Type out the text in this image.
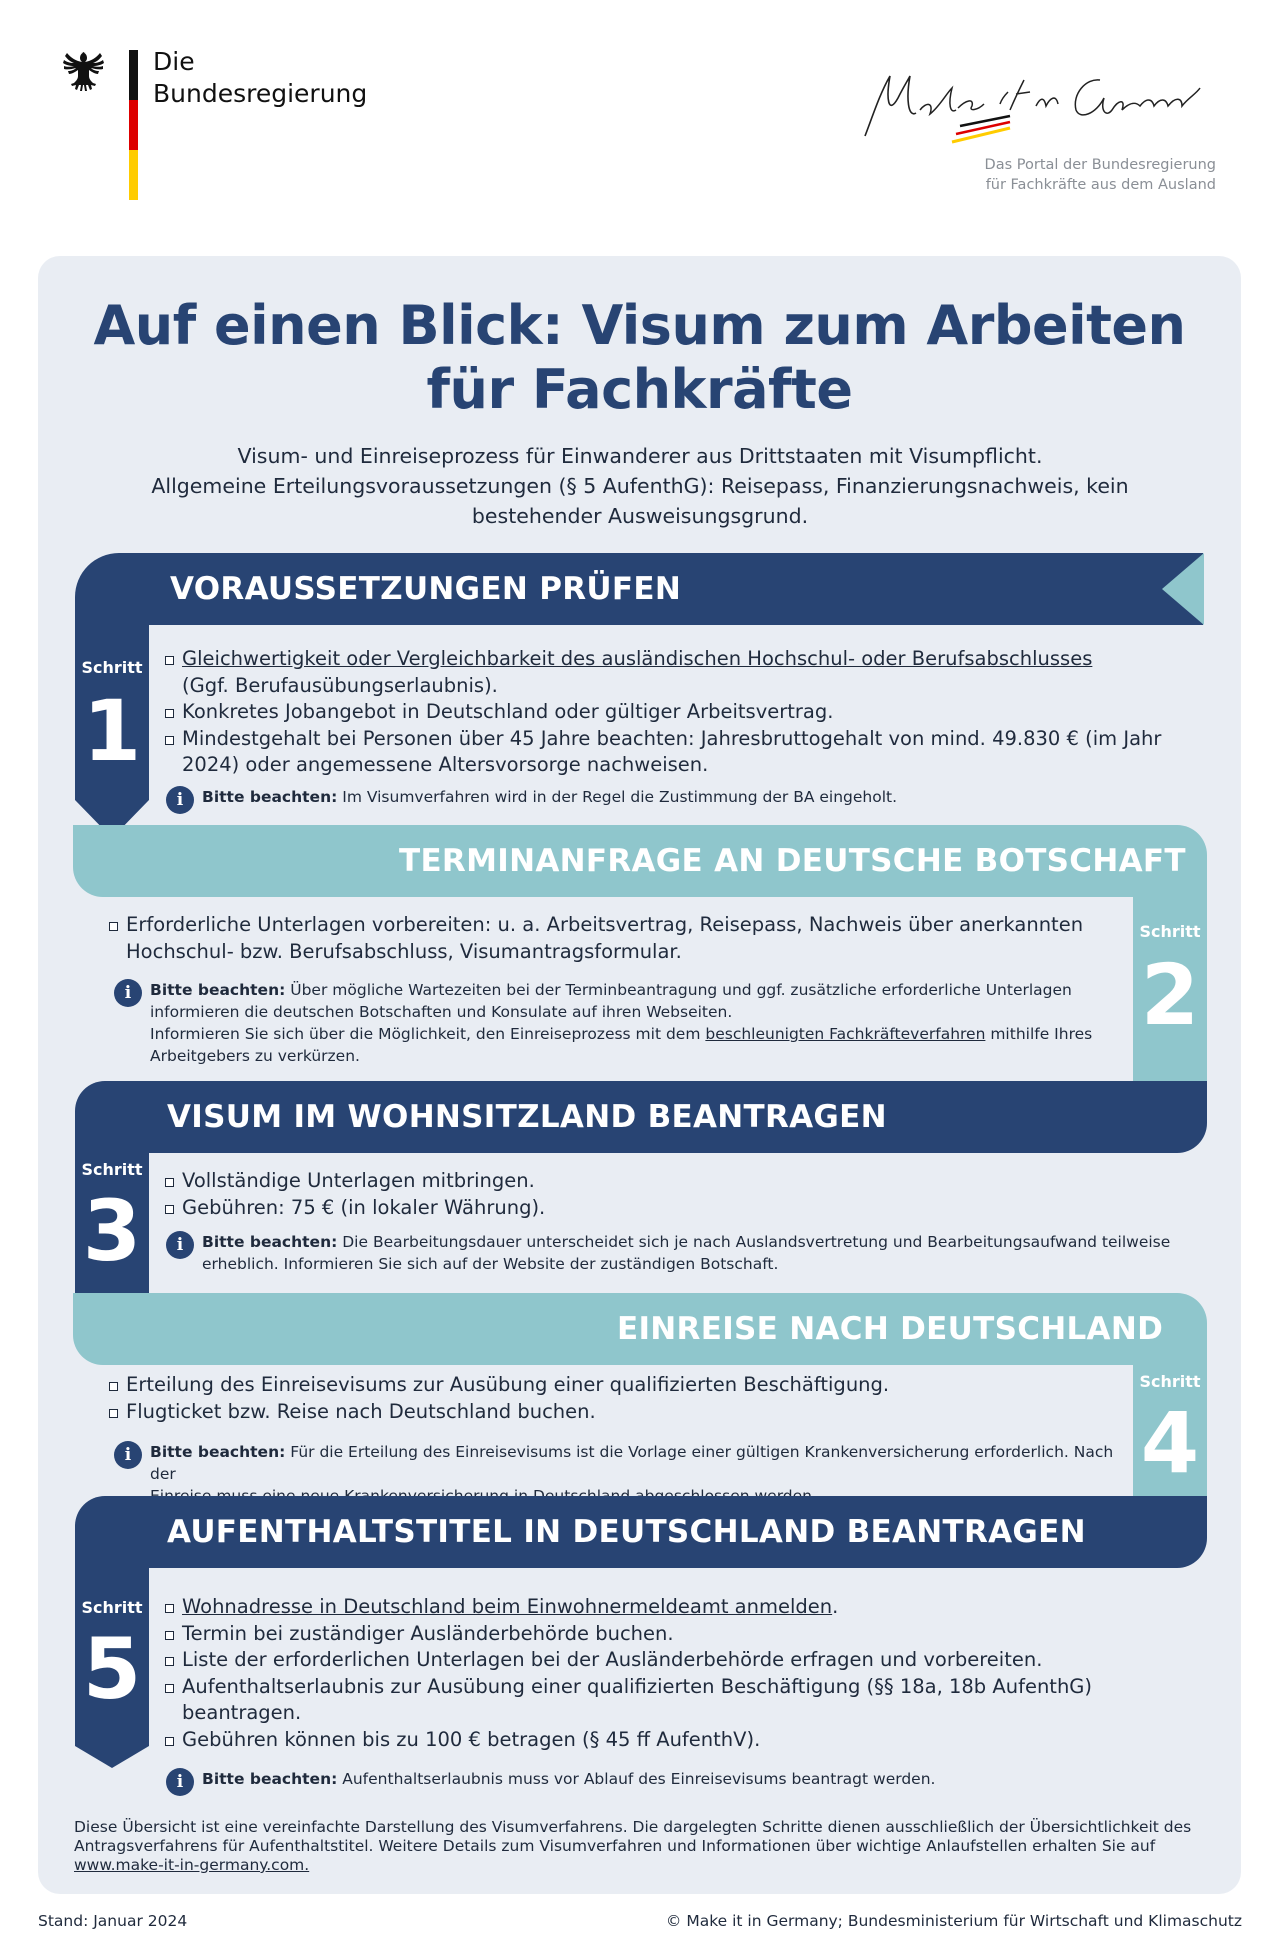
Die
Bundesregierung
Das Portal der Bundesregierung
für Fachkräfte aus dem Ausland
Auf einen Blick: Visum zum Arbeiten
für Fachkräfte
Visum- und Einreiseprozess für Einwanderer aus Drittstaaten mit Visumpflicht.
Allgemeine Erteilungsvoraussetzungen (§ 5 AufenthG): Reisepass, Finanzierungsnachweis, kein
bestehender Ausweisungsgrund.
VORAUSSETZUNGEN PRÜFEN
Schritt
1
Gleichwertigkeit oder Vergleichbarkeit des ausländischen Hochschul- oder Berufsabschlusses
(Ggf. Berufausübungserlaubnis).
Konkretes Jobangebot in Deutschland oder gültiger Arbeitsvertrag.
Mindestgehalt bei Personen über 45 Jahre beachten: Jahresbruttogehalt von mind. 49.830 € (im Jahr
2024) oder angemessene Altersvorsorge nachweisen.
i	Bitte beachten: Im Visumverfahren wird in der Regel die Zustimmung der BA eingeholt.
TERMINANFRAGE AN DEUTSCHE BOTSCHAFT
Schritt
2
Erforderliche Unterlagen vorbereiten: u. a. Arbeitsvertrag, Reisepass, Nachweis über anerkannten
Hochschul- bzw. Berufsabschluss, Visumantragsformular.
i	Bitte beachten: Über mögliche Wartezeiten bei der Terminbeantragung und ggf. zusätzliche erforderliche Unterlagen
informieren die deutschen Botschaften und Konsulate auf ihren Webseiten.
Informieren Sie sich über die Möglichkeit, den Einreiseprozess mit dem beschleunigten Fachkräfteverfahren mithilfe Ihres
Arbeitgebers zu verkürzen.
VISUM IM WOHNSITZLAND BEANTRAGEN
Schritt
3
Vollständige Unterlagen mitbringen.
Gebühren: 75 € (in lokaler Währung).
i	Bitte beachten: Die Bearbeitungsdauer unterscheidet sich je nach Auslandsvertretung und Bearbeitungsaufwand teilweise
erheblich. Informieren Sie sich auf der Website der zuständigen Botschaft.
EINREISE NACH DEUTSCHLAND
Schritt
4
Erteilung des Einreisevisums zur Ausübung einer qualifizierten Beschäftigung.
Flugticket bzw. Reise nach Deutschland buchen.
i	Bitte beachten: Für die Erteilung des Einreisevisums ist die Vorlage einer gültigen Krankenversicherung erforderlich. Nach der
AUFENTHALTSTITEL IN DEUTSCHLAND BEANTRAGEN
Schritt
5
Wohnadresse in Deutschland beim Einwohnermeldeamt anmelden.
Termin bei zuständiger Ausländerbehörde buchen.
Liste der erforderlichen Unterlagen bei der Ausländerbehörde erfragen und vorbereiten.
Aufenthaltserlaubnis zur Ausübung einer qualifizierten Beschäftigung (§§ 18a, 18b AufenthG) beantragen.
Gebühren können bis zu 100 € betragen (§ 45 ff AufenthV).
i	Bitte beachten: Aufenthaltserlaubnis muss vor Ablauf des Einreisevisums beantragt werden.
Diese Übersicht ist eine vereinfachte Darstellung des Visumverfahrens. Die dargelegten Schritte dienen ausschließlich der Übersichtlichkeit des
Antragsverfahrens für Aufenthaltstitel. Weitere Details zum Visumverfahren und Informationen über wichtige Anlaufstellen erhalten Sie auf
www.make-it-in-germany.com.
Stand: Januar 2024	© Make it in Germany; Bundesministerium für Wirtschaft und Klimaschutz
